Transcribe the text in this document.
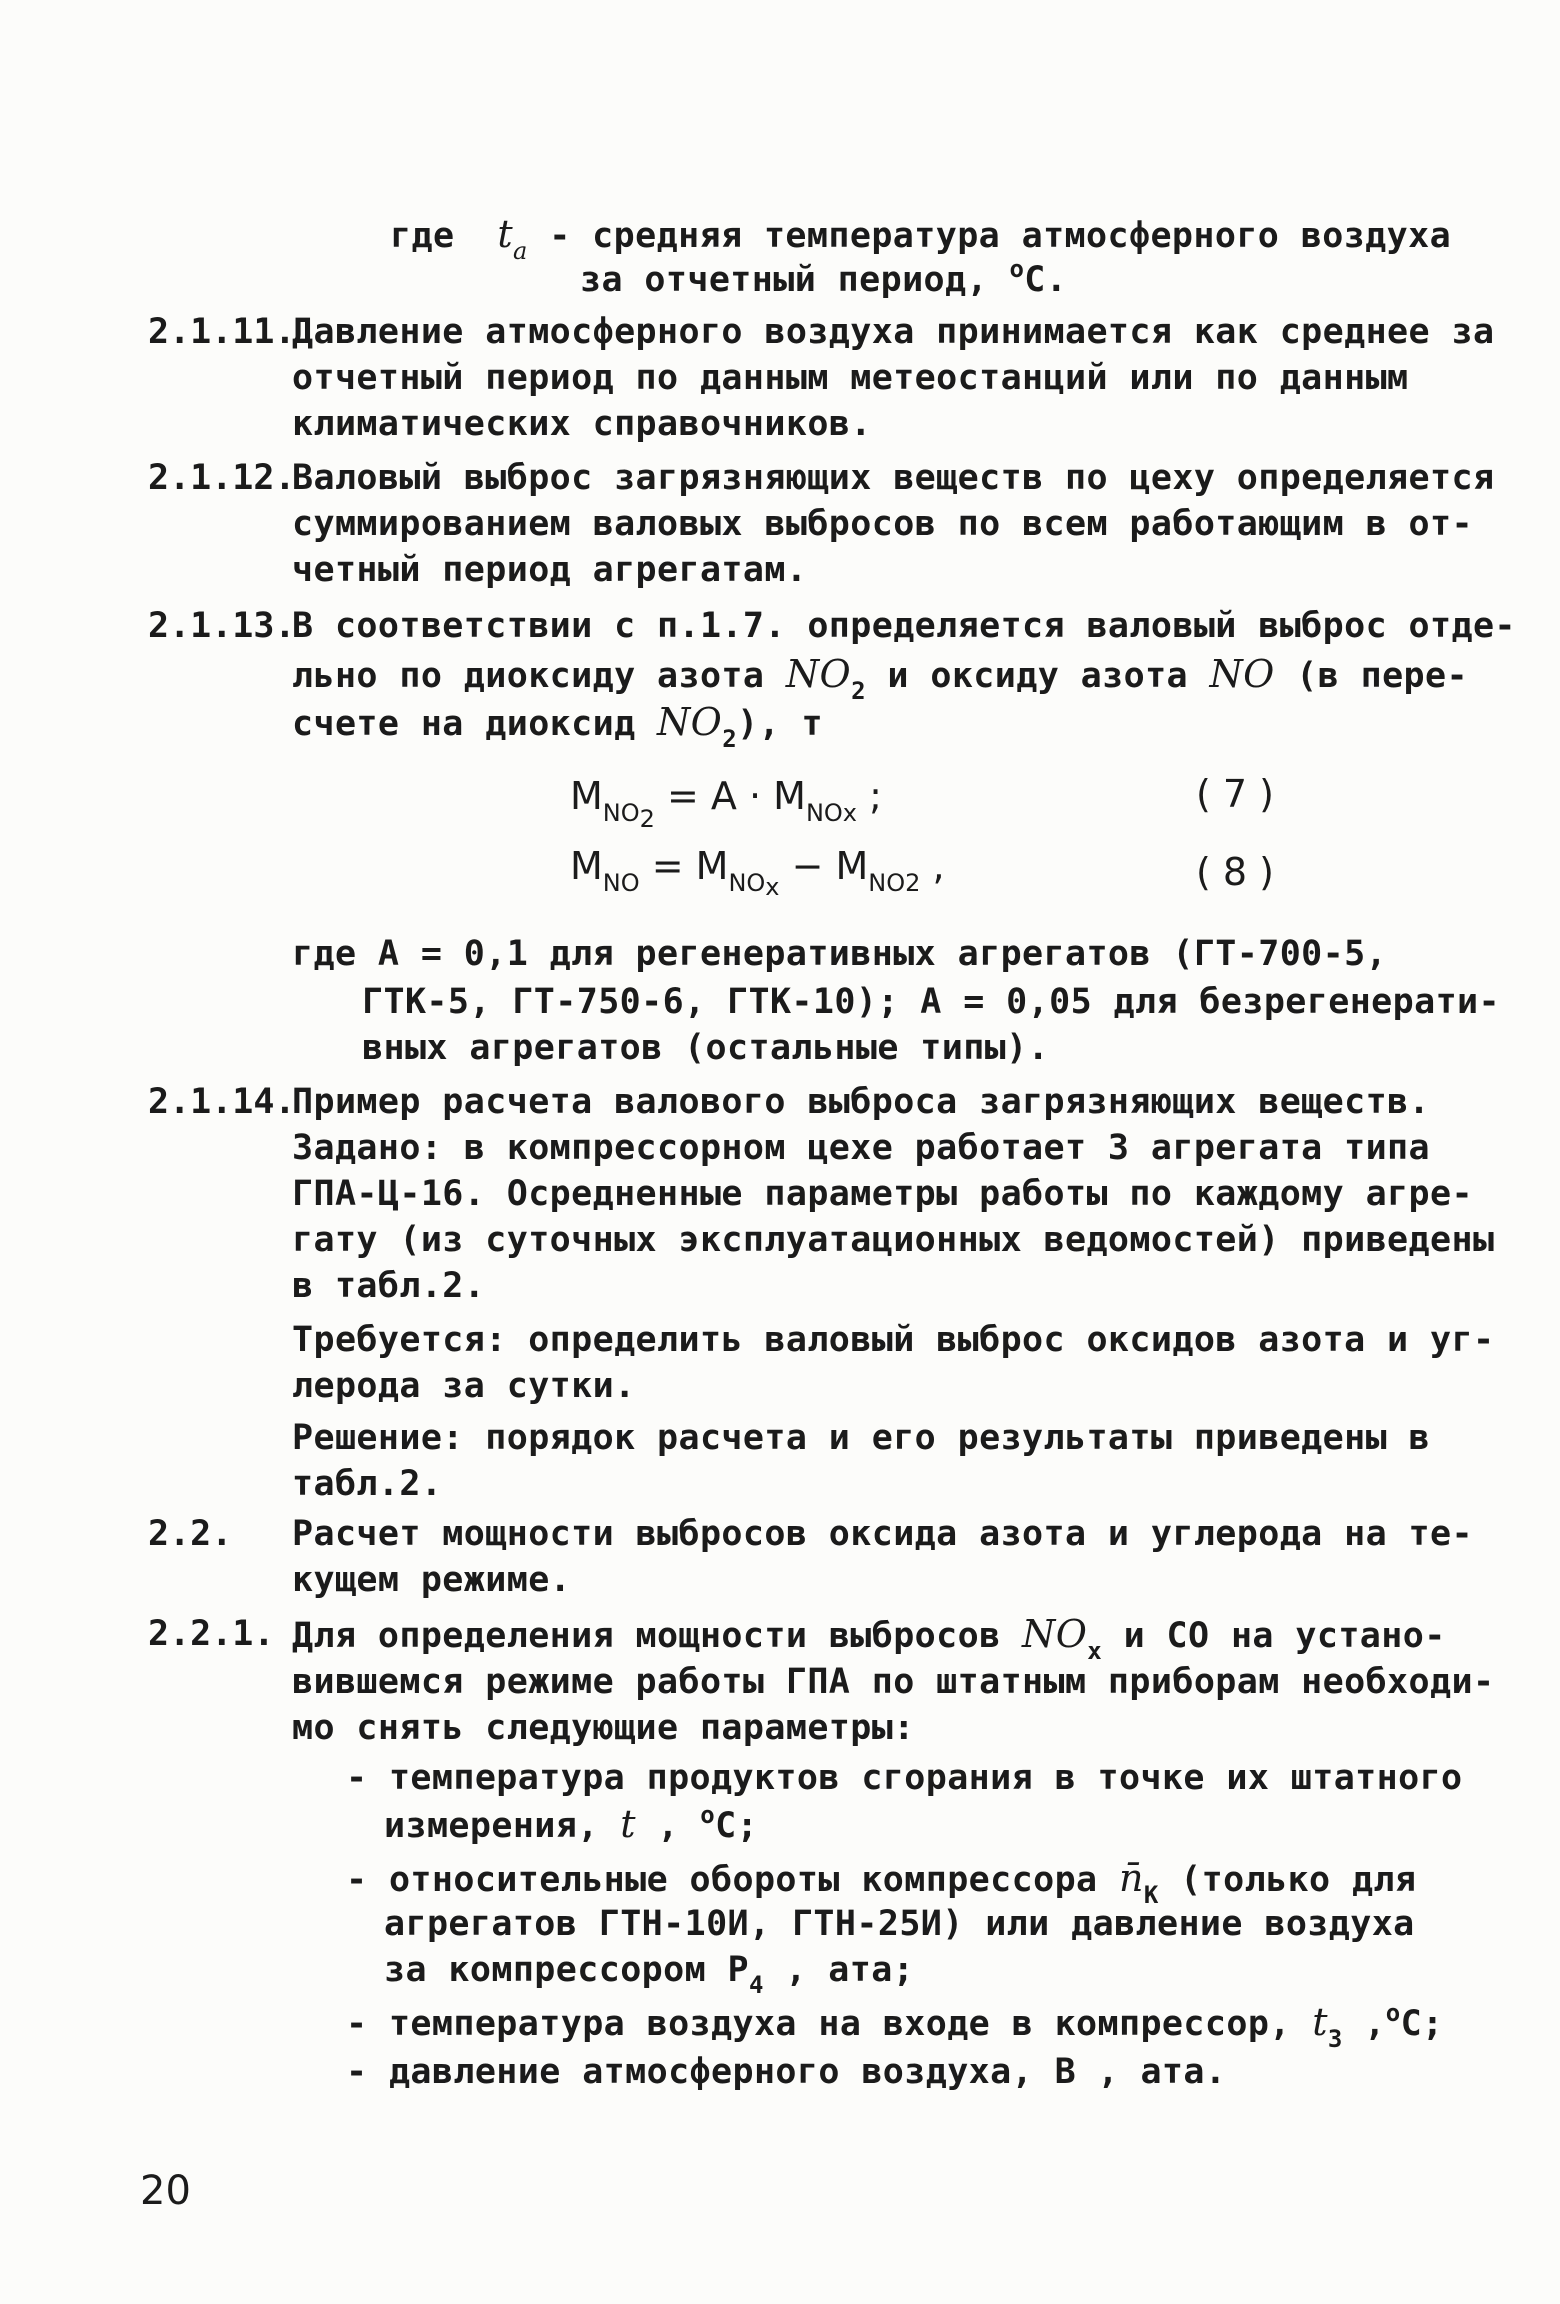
где $t_a$ - средняя температура атмосферного воздуха
за отчетный период, $^о$С.
2.1.11.
Давление атмосферного воздуха принимается как среднее за
отчетный период по данным метеостанций или по данным
климатических справочников.
2.1.12.
Валовый выброс загрязняющих веществ по цеху определяется
суммированием валовых выбросов по всем работающим в от-
четный период агрегатам.
2.1.13.
В соответствии с п.1.7. определяется валовый выброс отде-
льно по диоксиду азота $NO_2$ и оксиду азота NO (в пере-
счете на диоксид $NO_2$), т
$M_{NO2} = A \cdot M_{NOx}$ ;	( 7 )
$M_{NO} = M_{NOx} - M_{NO2}$ ,	( 8 )
где A = 0,1 для регенеративных агрегатов (ГТ-700-5,
ГТК-5, ГТ-750-6, ГТК-10); A = 0,05 для безрегенерати-
вных агрегатов (остальные типы).
2.1.14.
Пример расчета валового выброса загрязняющих веществ.
Задано: в компрессорном цехе работает 3 агрегата типа
ГПА-Ц-16. Осредненные параметры работы по каждому агре-
гату (из суточных эксплуатационных ведомостей) приведены
в табл.2.
Требуется: определить валовый выброс оксидов азота и уг-
лерода за сутки.
Решение: порядок расчета и его результаты приведены в
табл.2.
2.2. Расчет мощности выбросов оксида азота и углерода на те-
кущем режиме.
2.2.1. Для определения мощности выбросов $NO_x$ и CO на устано-
вившемся режиме работы ГПА по штатным приборам необходи-
мо снять следующие параметры:
- температура продуктов сгорания в точке их штатного
измерения, t , $^о$С;
- относительные обороты компрессора $n̄_K$ (только для
агрегатов ГТН-10И, ГТН-25И) или давление воздуха
за компрессором $P_4$ , ата;
- температура воздуха на входе в компрессор, $t_3$ ,$^о$С;
- давление атмосферного воздуха, B , ата.
20
